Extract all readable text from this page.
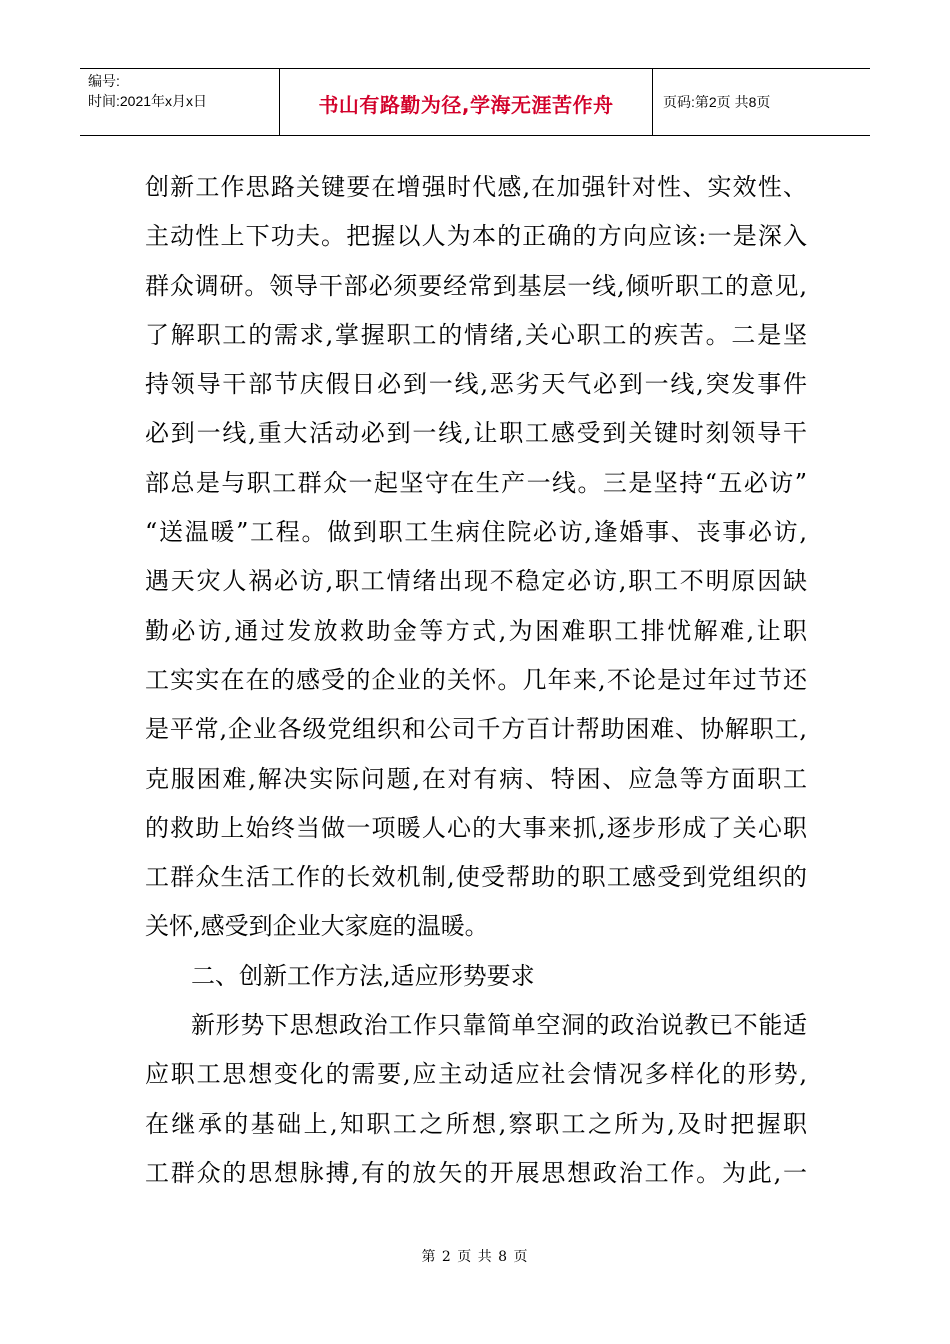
编号:
时间:2021年x月x日	书山有路勤为径,学海无涯苦作舟	页码:第2页 共8页
创新工作思路关键要在增强时代感,在加强针对性、实效性、
主动性上下功夫。把握以人为本的正确的方向应该:一是深入
群众调研。领导干部必须要经常到基层一线,倾听职工的意见,
了解职工的需求,掌握职工的情绪,关心职工的疾苦。二是坚
持领导干部节庆假日必到一线,恶劣天气必到一线,突发事件
必到一线,重大活动必到一线,让职工感受到关键时刻领导干
部总是与职工群众一起坚守在生产一线。三是坚持“五必访”
“送温暖”工程。做到职工生病住院必访,逢婚事、丧事必访,
遇天灾人祸必访,职工情绪出现不稳定必访,职工不明原因缺
勤必访,通过发放救助金等方式,为困难职工排忧解难,让职
工实实在在的感受的企业的关怀。几年来,不论是过年过节还
是平常,企业各级党组织和公司千方百计帮助困难、协解职工,
克服困难,解决实际问题,在对有病、特困、应急等方面职工
的救助上始终当做一项暖人心的大事来抓,逐步形成了关心职
工群众生活工作的长效机制,使受帮助的职工感受到党组织的
关怀,感受到企业大家庭的温暖。
二、创新工作方法,适应形势要求
新形势下思想政治工作只靠简单空洞的政治说教已不能适
应职工思想变化的需要,应主动适应社会情况多样化的形势,
在继承的基础上,知职工之所想,察职工之所为,及时把握职
工群众的思想脉搏,有的放矢的开展思想政治工作。为此,一
第 2 页 共 8 页
